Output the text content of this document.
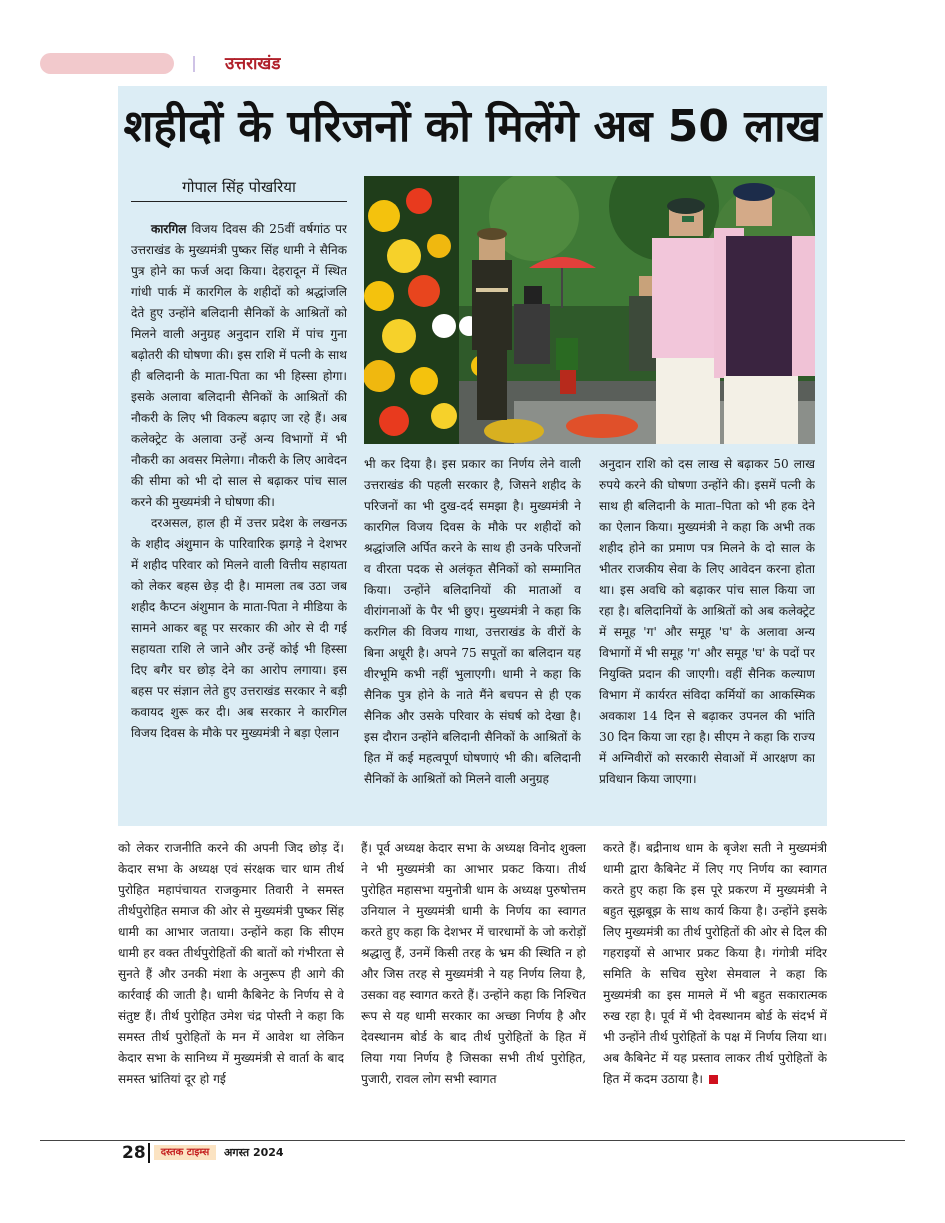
उत्तराखंड
शहीदों के परिजनों को मिलेंगे अब 50 लाख
गोपाल सिंह पोखरिया

कारगिल विजय दिवस की 25वीं वर्षगांठ पर उत्तराखंड के मुख्यमंत्री पुष्कर सिंह धामी ने सैनिक पुत्र होने का फर्ज अदा किया। देहरादून में स्थित गांधी पार्क में कारगिल के शहीदों को श्रद्धांजलि देते हुए उन्होंने बलिदानी सैनिकों के आश्रितों को मिलने वाली अनुग्रह अनुदान राशि में पांच गुना बढ़ोतरी की घोषणा की। इस राशि में पत्नी के साथ ही बलिदानी के माता-पिता का भी हिस्सा होगा। इसके अलावा बलिदानी सैनिकों के आश्रितों की नौकरी के लिए भी विकल्प बढ़ाए जा रहे हैं। अब कलेक्ट्रेट के अलावा उन्हें अन्य विभागों में भी नौकरी का अवसर मिलेगा। नौकरी के लिए आवेदन की सीमा को भी दो साल से बढ़ाकर पांच साल करने की मुख्यमंत्री ने घोषणा की।

दरअसल, हाल ही में उत्तर प्रदेश के लखनऊ के शहीद अंशुमान के पारिवारिक झगड़े ने देशभर में शहीद परिवार को मिलने वाली वित्तीय सहायता को लेकर बहस छेड़ दी है। मामला तब उठा जब शहीद कैप्टन अंशुमान के माता-पिता ने मीडिया के सामने आकर बहू पर सरकार की ओर से दी गई सहायता राशि ले जाने और उन्हें कोई भी हिस्सा दिए बगैर घर छोड़ देने का आरोप लगाया। इस बहस पर संज्ञान लेते हुए उत्तराखंड सरकार ने बड़ी कवायद शुरू कर दी। अब सरकार ने कारगिल विजय दिवस के मौके पर मुख्यमंत्री ने बड़ा ऐलान

भी कर दिया है। इस प्रकार का निर्णय लेने वाली उत्तराखंड की पहली सरकार है, जिसने शहीद के परिजनों का भी दुख-दर्द समझा है। मुख्यमंत्री ने कारगिल विजय दिवस के मौके पर शहीदों को श्रद्धांजलि अर्पित करने के साथ ही उनके परिजनों व वीरता पदक से अलंकृत सैनिकों को सम्मानित किया। उन्होंने बलिदानियों की माताओं व वीरांगनाओं के पैर भी छुए। मुख्यमंत्री ने कहा कि करगिल की विजय गाथा, उत्तराखंड के वीरों के बिना अधूरी है। अपने 75 सपूतों का बलिदान यह वीरभूमि कभी नहीं भुलाएगी। धामी ने कहा कि सैनिक पुत्र होने के नाते मैंने बचपन से ही एक सैनिक और उसके परिवार के संघर्ष को देखा है। इस दौरान उन्होंने बलिदानी सैनिकों के आश्रितों के हित में कई महत्वपूर्ण घोषणाएं भी की। बलिदानी सैनिकों के आश्रितों को मिलने वाली अनुग्रह

अनुदान राशि को दस लाख से बढ़ाकर 50 लाख रुपये करने की घोषणा उन्होंने की। इसमें पत्नी के साथ ही बलिदानी के माता–पिता को भी हक देने का ऐलान किया। मुख्यमंत्री ने कहा कि अभी तक शहीद होने का प्रमाण पत्र मिलने के दो साल के भीतर राजकीय सेवा के लिए आवेदन करना होता था। इस अवधि को बढ़ाकर पांच साल किया जा रहा है। बलिदानियों के आश्रितों को अब कलेक्ट्रेट में समूह 'ग' और समूह 'घ' के अलावा अन्य विभागों में भी समूह 'ग' और समूह 'घ' के पदों पर नियुक्ति प्रदान की जाएगी। वहीं सैनिक कल्याण विभाग में कार्यरत संविदा कर्मियों का आकस्मिक अवकाश 14 दिन से बढ़ाकर उपनल की भांति 30 दिन किया जा रहा है। सीएम ने कहा कि राज्य में अग्निवीरों को सरकारी सेवाओं में आरक्षण का प्रविधान किया जाएगा।

को लेकर राजनीति करने की अपनी जिद छोड़ दें। केदार सभा के अध्यक्ष एवं संरक्षक चार धाम तीर्थ पुरोहित महापंचायत राजकुमार तिवारी ने समस्त तीर्थपुरोहित समाज की ओर से मुख्यमंत्री पुष्कर सिंह धामी का आभार जताया। उन्होंने कहा कि सीएम धामी हर वक्त तीर्थपुरोहितों की बातों को गंभीरता से सुनते हैं और उनकी मंशा के अनुरूप ही आगे की कार्रवाई की जाती है। धामी कैबिनेट के निर्णय से वे संतुष्ट हैं। तीर्थ पुरोहित उमेश चंद्र पोस्ती ने कहा कि समस्त तीर्थ पुरोहितों के मन में आवेश था लेकिन केदार सभा के सानिध्य में मुख्यमंत्री से वार्ता के बाद समस्त भ्रांतियां दूर हो गई

हैं। पूर्व अध्यक्ष केदार सभा के अध्यक्ष विनोद शुक्ला ने भी मुख्यमंत्री का आभार प्रकट किया। तीर्थ पुरोहित महासभा यमुनोत्री धाम के अध्यक्ष पुरुषोत्तम उनियाल ने मुख्यमंत्री धामी के निर्णय का स्वागत करते हुए कहा कि देशभर में चारधामों के जो करोड़ों श्रद्धालु हैं, उनमें किसी तरह के भ्रम की स्थिति न हो और जिस तरह से मुख्यमंत्री ने यह निर्णय लिया है, उसका वह स्वागत करते हैं। उन्होंने कहा कि निश्चित रूप से यह धामी सरकार का अच्छा निर्णय है और देवस्थानम बोर्ड के बाद तीर्थ पुरोहितों के हित में लिया गया निर्णय है जिसका सभी तीर्थ पुरोहित, पुजारी, रावल लोग सभी स्वागत

करते हैं। बद्रीनाथ धाम के बृजेश सती ने मुख्यमंत्री धामी द्वारा कैबिनेट में लिए गए निर्णय का स्वागत करते हुए कहा कि इस पूरे प्रकरण में मुख्यमंत्री ने बहुत सूझबूझ के साथ कार्य किया है। उन्होंने इसके लिए मुख्यमंत्री का तीर्थ पुरोहितों की ओर से दिल की गहराइयों से आभार प्रकट किया है। गंगोत्री मंदिर समिति के सचिव सुरेश सेमवाल ने कहा कि मुख्यमंत्री का इस मामले में भी बहुत सकारात्मक रुख रहा है। पूर्व में भी देवस्थानम बोर्ड के संदर्भ में भी उन्होंने तीर्थ पुरोहितों के पक्ष में निर्णय लिया था। अब कैबिनेट में यह प्रस्ताव लाकर तीर्थ पुरोहितों के हित में कदम उठाया है।

28	दस्तक टाइम्स	अगस्त 2024
